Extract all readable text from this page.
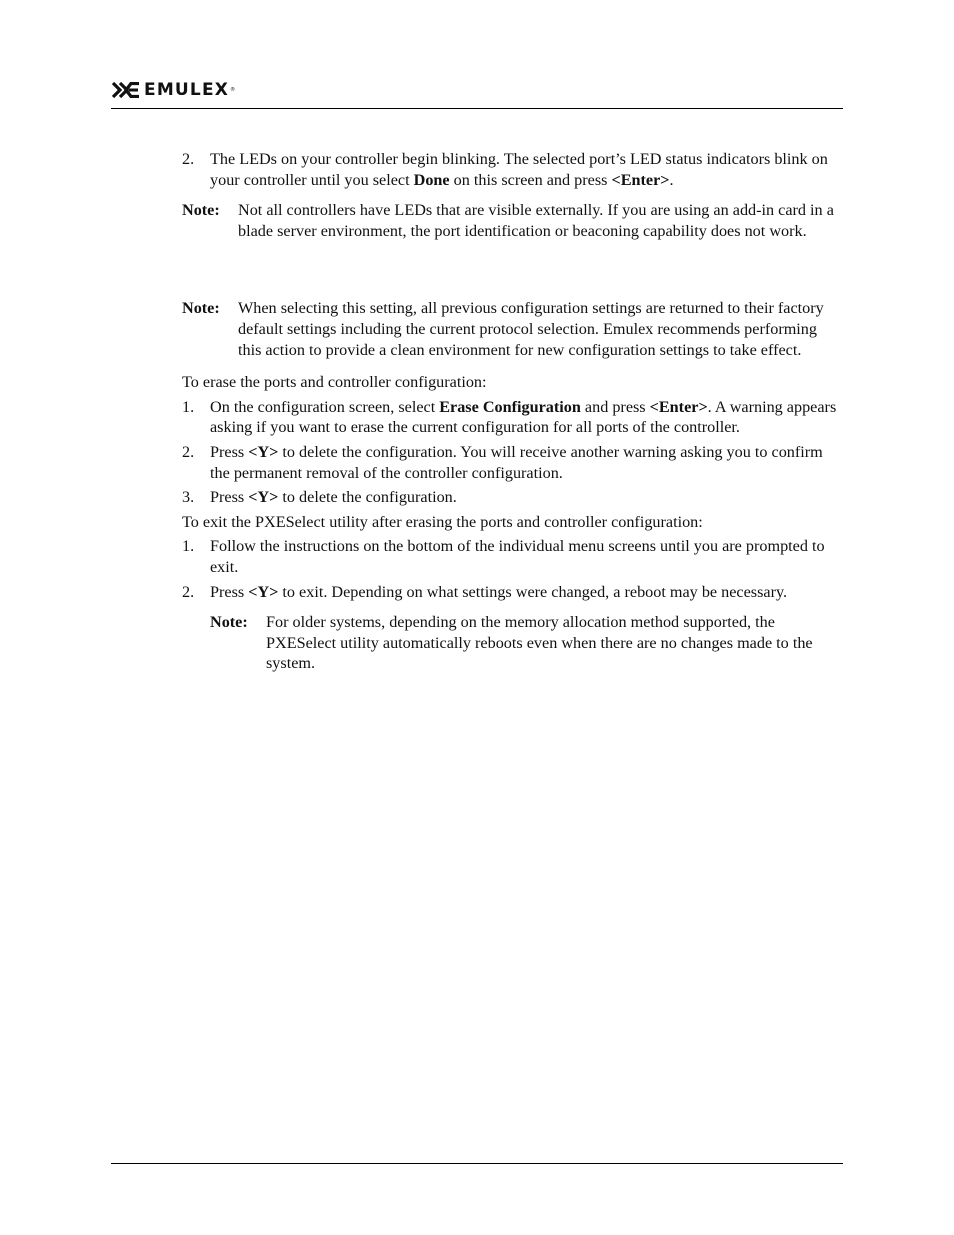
EMULEX ®
2. The LEDs on your controller begin blinking. The selected port’s LED status indicators blink on your controller until you select Done on this screen and press <Enter>.
Note:	Not all controllers have LEDs that are visible externally. If you are using an add-in card in a blade server environment, the port identification or beaconing capability does not work.
Note:	When selecting this setting, all previous configuration settings are returned to their factory default settings including the current protocol selection. Emulex recommends performing this action to provide a clean environment for new configuration settings to take effect.
To erase the ports and controller configuration:
1. On the configuration screen, select Erase Configuration and press <Enter>. A warning appears asking if you want to erase the current configuration for all ports of the controller.
2. Press <Y> to delete the configuration. You will receive another warning asking you to confirm the permanent removal of the controller configuration.
3. Press <Y> to delete the configuration.
To exit the PXESelect utility after erasing the ports and controller configuration:
1. Follow the instructions on the bottom of the individual menu screens until you are prompted to exit.
2. Press <Y> to exit. Depending on what settings were changed, a reboot may be necessary.
Note:	For older systems, depending on the memory allocation method supported, the PXESelect utility automatically reboots even when there are no changes made to the system.
